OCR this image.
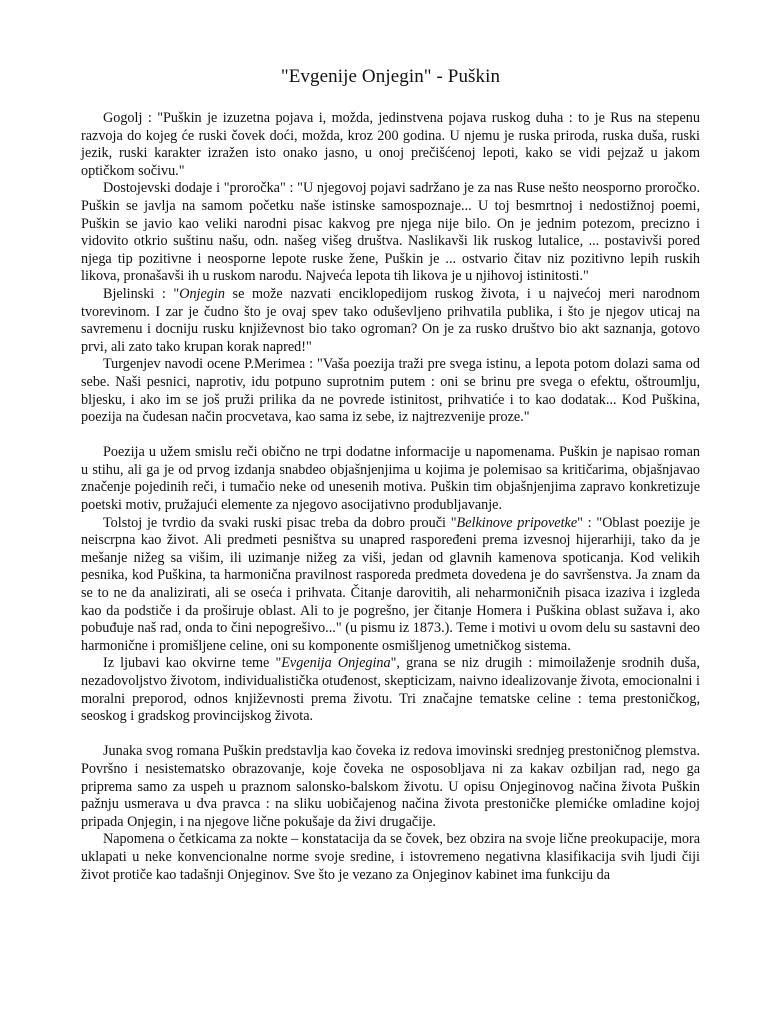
"Evgenije Onjegin" - Puškin

Gogolj : "Puškin je izuzetna pojava i, možda, jedinstvena pojava ruskog duha : to je Rus na stepenu razvoja do kojeg će ruski čovek doći, možda, kroz 200 godina. U njemu je ruska priroda, ruska duša, ruski jezik, ruski karakter izražen isto onako jasno, u onoj prečišćenoj lepoti, kako se vidi pejzaž u jakom optičkom sočivu."

Dostojevski dodaje i "proročka" : "U njegovoj pojavi sadržano je za nas Ruse nešto neosporno proročko. Puškin se javlja na samom početku naše istinske samospoznaje... U toj besmrtnoj i nedostižnoj poemi, Puškin se javio kao veliki narodni pisac kakvog pre njega nije bilo. On je jednim potezom, precizno i vidovito otkrio suštinu našu, odn. našeg višeg društva. Naslikavši lik ruskog lutalice, ... postavivši pored njega tip pozitivne i neosporne lepote ruske žene, Puškin je ... ostvario čitav niz pozitivno lepih ruskih likova, pronašavši ih u ruskom narodu. Najveća lepota tih likova je u njihovoj istinitosti."

Bjelinski : "Onjegin se može nazvati enciklopedijom ruskog života, i u najvećoj meri narodnom tvorevinom. I zar je čudno što je ovaj spev tako oduševljeno prihvatila publika, i što je njegov uticaj na savremenu i docniju rusku književnost bio tako ogroman? On je za rusko društvo bio akt saznanja, gotovo prvi, ali zato tako krupan korak napred!"

Turgenjev navodi ocene P.Merimea : "Vaša poezija traži pre svega istinu, a lepota potom dolazi sama od sebe. Naši pesnici, naprotiv, idu potpuno suprotnim putem : oni se brinu pre svega o efektu, oštroumlju, bljesku, i ako im se još pruži prilika da ne povrede istinitost, prihvatiće i to kao dodatak... Kod Puškina, poezija na čudesan način procvetava, kao sama iz sebe, iz najtrezvenije proze."

Poezija u užem smislu reči obično ne trpi dodatne informacije u napomenama. Puškin je napisao roman u stihu, ali ga je od prvog izdanja snabdeo objašnjenjima u kojima je polemisao sa kritičarima, objašnjavao značenje pojedinih reči, i tumačio neke od unesenih motiva. Puškin tim objašnjenjima zapravo konkretizuje poetski motiv, pružajući elemente za njegovo asocijativno produbljavanje.

Tolstoj je tvrdio da svaki ruski pisac treba da dobro prouči "Belkinove pripovetke" : "Oblast poezije je neiscrpna kao život. Ali predmeti pesništva su unapred raspoređeni prema izvesnoj hijerarhiji, tako da je mešanje nižeg sa višim, ili uzimanje nižeg za viši, jedan od glavnih kamenova spoticanja. Kod velikih pesnika, kod Puškina, ta harmonična pravilnost rasporeda predmeta dovedena je do savršenstva. Ja znam da se to ne da analizirati, ali se oseća i prihvata. Čitanje darovitih, ali neharmoničnih pisaca izaziva i izgleda kao da podstiče i da proširuje oblast. Ali to je pogrešno, jer čitanje Homera i Puškina oblast sužava i, ako pobuđuje naš rad, onda to čini nepogrešivo..." (u pismu iz 1873.). Teme i motivi u ovom delu su sastavni deo harmonične i promišljene celine, oni su komponente osmišljenog umetničkog sistema.

Iz ljubavi kao okvirne teme "Evgenija Onjegina", grana se niz drugih : mimoilaženje srodnih duša, nezadovoljstvo životom, individualistička otuđenost, skepticizam, naivno idealizovanje života, emocionalni i moralni preporod, odnos književnosti prema životu. Tri značajne tematske celine : tema prestoničkog, seoskog i gradskog provincijskog života.

Junaka svog romana Puškin predstavlja kao čoveka iz redova imovinski srednjeg prestoničnog plemstva. Površno i nesistematsko obrazovanje, koje čoveka ne osposobljava ni za kakav ozbiljan rad, nego ga priprema samo za uspeh u praznom salonsko-balskom životu. U opisu Onjeginovog načina života Puškin pažnju usmerava u dva pravca : na sliku uobičajenog načina života prestoničke plemićke omladine kojoj pripada Onjegin, i na njegove lične pokušaje da živi drugačije.

Napomena o četkicama za nokte – konstatacija da se čovek, bez obzira na svoje lične preokupacije, mora uklapati u neke konvencionalne norme svoje sredine, i istovremeno negativna klasifikacija svih ljudi čiji život protiče kao tadašnji Onjeginov. Sve što je vezano za Onjeginov kabinet ima funkciju da
